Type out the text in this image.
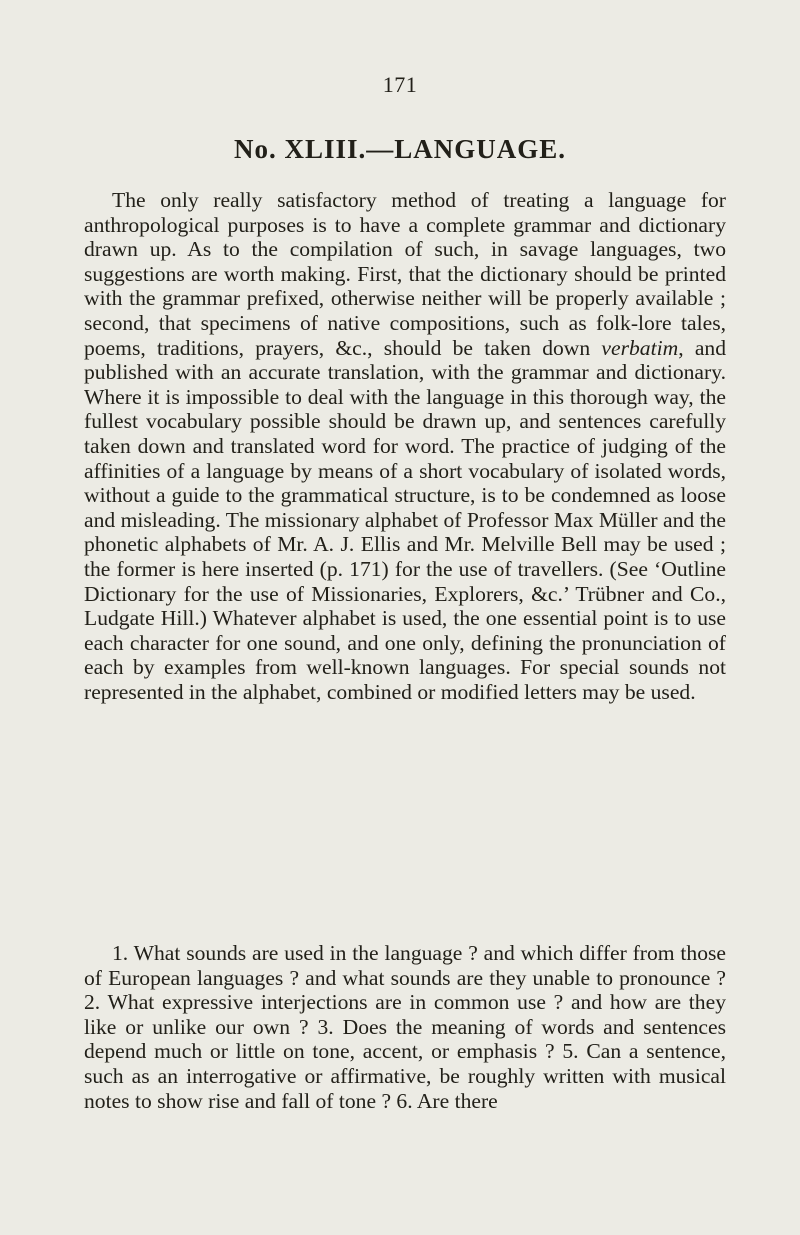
171
No. XLIII.—LANGUAGE.

The only really satisfactory method of treating a language for anthropological purposes is to have a complete grammar and dictionary drawn up. As to the compilation of such, in savage languages, two suggestions are worth making. First, that the dictionary should be printed with the grammar prefixed, otherwise neither will be properly available ; second, that specimens of native compositions, such as folk-lore tales, poems, traditions, prayers, &c., should be taken down verbatim, and published with an accurate translation, with the grammar and dictionary. Where it is impossible to deal with the language in this thorough way, the fullest vocabulary possible should be drawn up, and sentences carefully taken down and translated word for word. The practice of judging of the affinities of a language by means of a short vocabulary of isolated words, without a guide to the grammatical structure, is to be condemned as loose and misleading. The missionary alphabet of Professor Max Müller and the phonetic alphabets of Mr. A. J. Ellis and Mr. Melville Bell may be used ; the former is here inserted (p. 171) for the use of travellers. (See ‘Outline Dictionary for the use of Missionaries, Explorers, &c.’ Trübner and Co., Ludgate Hill.) Whatever alphabet is used, the one essential point is to use each character for one sound, and one only, defining the pronunciation of each by examples from well-known languages. For special sounds not represented in the alphabet, combined or modified letters may be used.

1. What sounds are used in the language ? and which differ from those of European languages ? and what sounds are they unable to pronounce ? 2. What expressive interjections are in common use ? and how are they like or unlike our own ? 3. Does the meaning of words and sentences depend much or little on tone, accent, or emphasis ? 5. Can a sentence, such as an interrogative or affirmative, be roughly written with musical notes to show rise and fall of tone ? 6. Are there
